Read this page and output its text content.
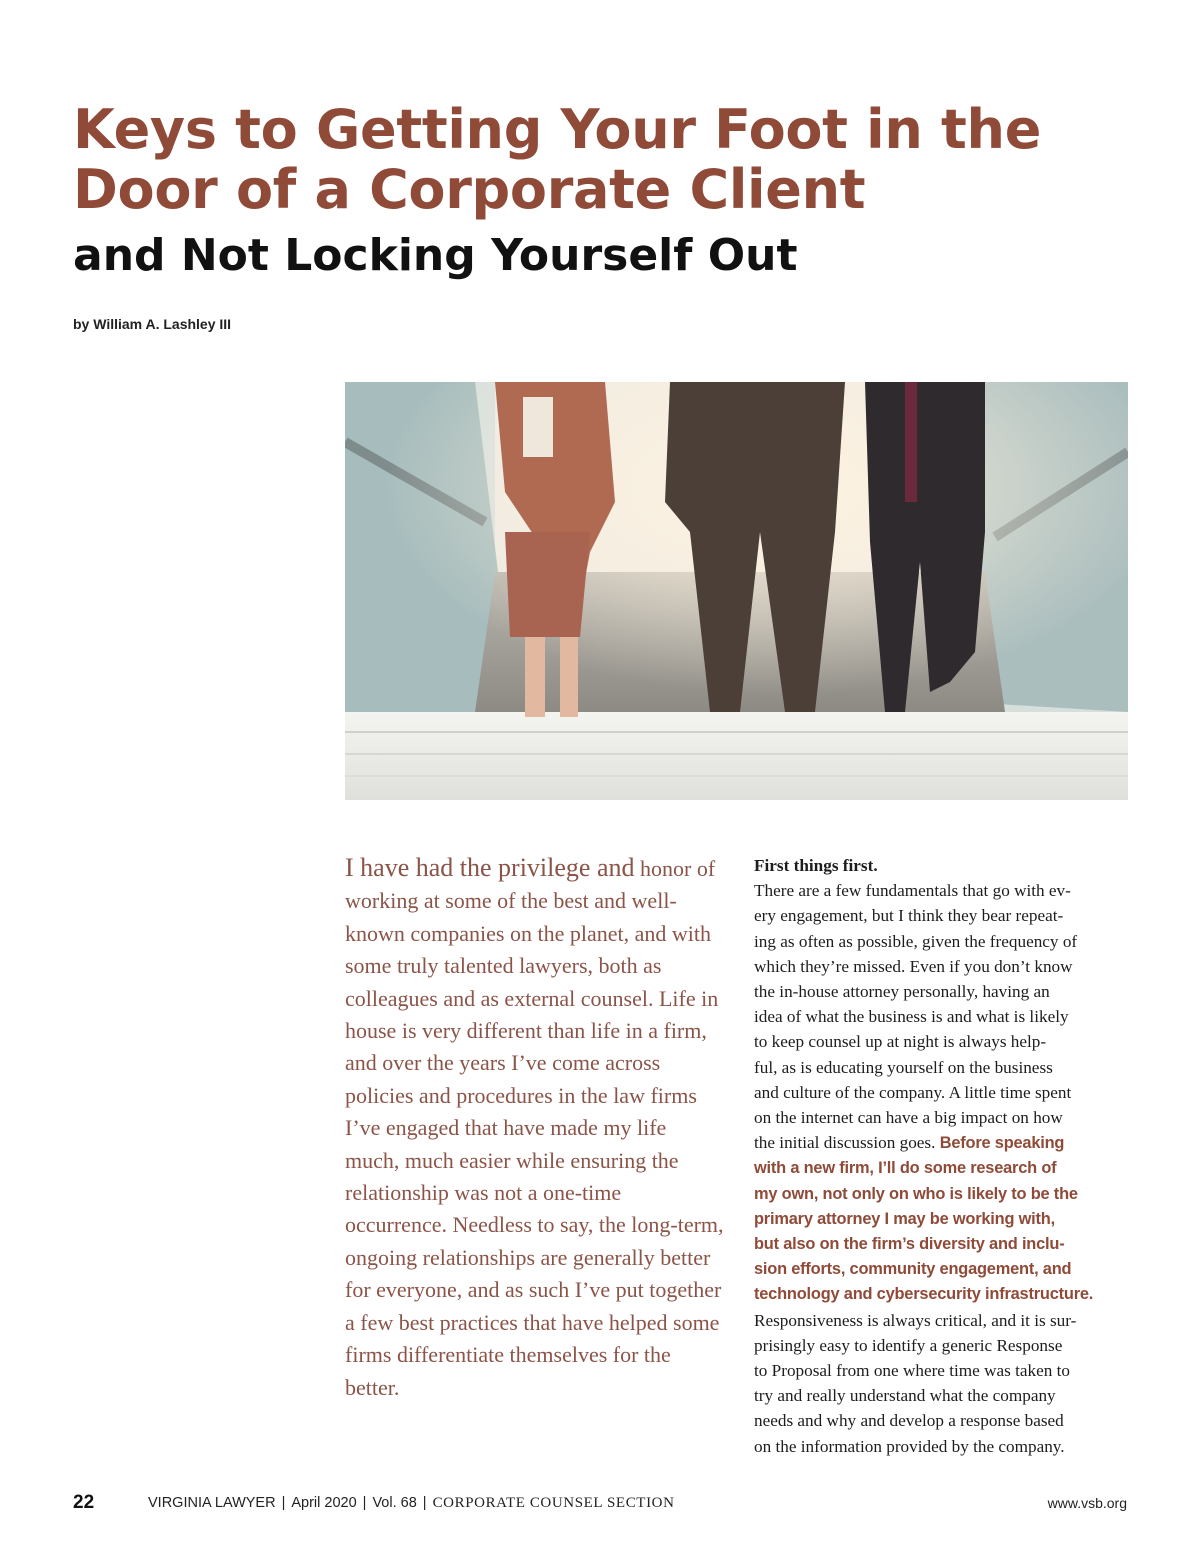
Keys to Getting Your Foot in the
Door of a Corporate Client
and Not Locking Yourself Out
by William A. Lashley III

I have had the privilege and honor of working at some of the best and well-known companies on the planet, and with some truly talented lawyers, both as colleagues and as external counsel. Life in house is very different than life in a firm, and over the years I’ve come across policies and procedures in the law firms I’ve engaged that have made my life much, much easier while ensuring the relationship was not a one-time occurrence. Needless to say, the long-term, ongoing relationships are generally better for everyone, and as such I’ve put together a few best practices that have helped some firms differentiate themselves for the better.

First things first.
There are a few fundamentals that go with ev-
ery engagement, but I think they bear repeat-
ing as often as possible, given the frequency of
which they’re missed. Even if you don’t know
the in-house attorney personally, having an
idea of what the business is and what is likely
to keep counsel up at night is always help-
ful, as is educating yourself on the business
and culture of the company. A little time spent
on the internet can have a big impact on how
the initial discussion goes. Before speaking
with a new firm, I’ll do some research of
my own, not only on who is likely to be the
primary attorney I may be working with,
but also on the firm’s diversity and inclu-
sion efforts, community engagement, and
technology and cybersecurity infrastructure.
Responsiveness is always critical, and it is sur-
prisingly easy to identify a generic Response
to Proposal from one where time was taken to
try and really understand what the company
needs and why and develop a response based
on the information provided by the company.
22	VIRGINIA LAWYER | April 2020 | Vol. 68 | CORPORATE COUNSEL SECTION	www.vsb.org
